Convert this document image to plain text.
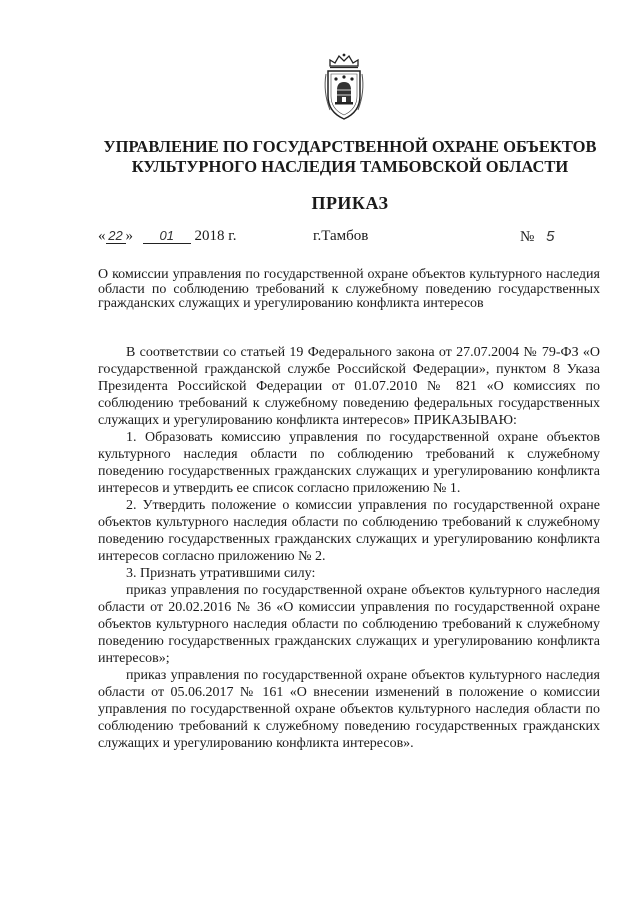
УПРАВЛЕНИЕ ПО ГОСУДАРСТВЕННОЙ ОХРАНЕ ОБЪЕКТОВ
КУЛЬТУРНОГО НАСЛЕДИЯ ТАМБОВСКОЙ ОБЛАСТИ
ПРИКАЗ
« 22 » 01 2018 г.	г.Тамбов	№ 5
О комиссии управления по государственной охране объектов культурного наследия области по соблюдению требований к служебному поведению государственных гражданских служащих и урегулированию конфликта интересов

В соответствии со статьей 19 Федерального закона от 27.07.2004 № 79-ФЗ «О государственной гражданской службе Российской Федерации», пунктом 8 Указа Президента Российской Федерации от 01.07.2010 № 821 «О комиссиях по соблюдению требований к служебному поведению федеральных государственных служащих и урегулированию конфликта интересов» ПРИКАЗЫВАЮ:

1. Образовать комиссию управления по государственной охране объектов культурного наследия области по соблюдению требований к служебному поведению государственных гражданских служащих и урегулированию конфликта интересов и утвердить ее список согласно приложению № 1.

2. Утвердить положение о комиссии управления по государственной охране объектов культурного наследия области по соблюдению требований к служебному поведению государственных гражданских служащих и урегулированию конфликта интересов согласно приложению № 2.

3. Признать утратившими силу:

приказ управления по государственной охране объектов культурного наследия области от 20.02.2016 № 36 «О комиссии управления по государственной охране объектов культурного наследия области по соблюдению требований к служебному поведению государственных гражданских служащих и урегулированию конфликта интересов»;

приказ управления по государственной охране объектов культурного наследия области от 05.06.2017 № 161 «О внесении изменений в положение о комиссии управления по государственной охране объектов культурного наследия области по соблюдению требований к служебному поведению государственных гражданских служащих и урегулированию конфликта интересов».
